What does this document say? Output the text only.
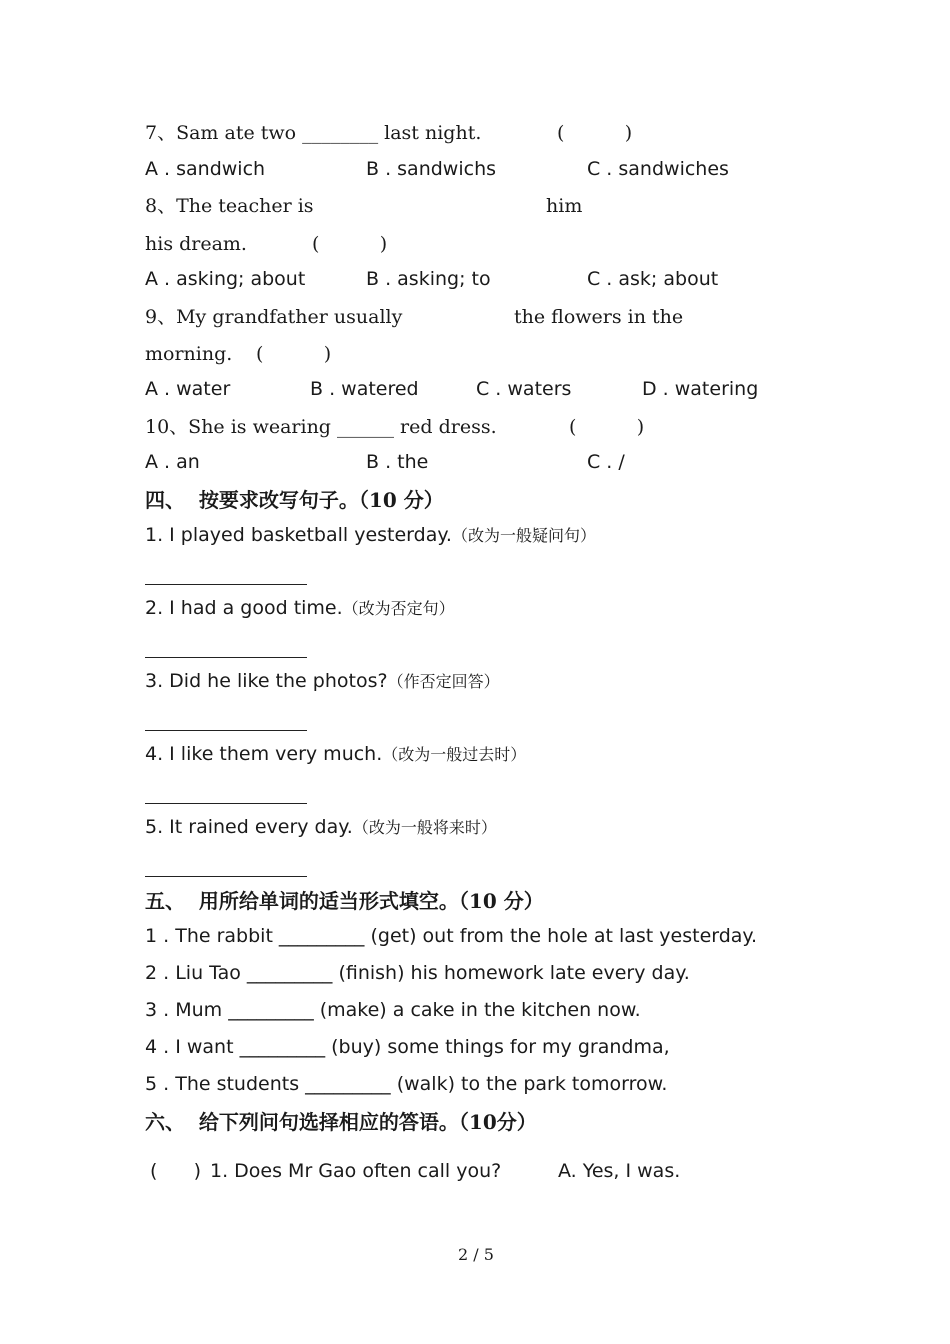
7、Sam ate two ________ last night.	(          )
A . sandwich	B . sandwichs	C . sandwiches
8、The teacher is	him
his dream.	(          )
A . asking; about	B . asking; to	C . ask; about
9、My grandfather usually	the flowers in the
morning. (          )
A . water	B . watered	C . waters	D . watering
10、She is wearing ______ red dress.	(          )
A . an	B . the	C . /
四、  按要求改写句子。（10 分）
1. I played basketball yesterday.（改为一般疑问句）
2. I had a good time.（改为否定句）
3. Did he like the photos?（作否定回答）
4. I like them very much.（改为一般过去时）
5. It rained every day.（改为一般将来时）
五、  用所给单词的适当形式填空。（10 分）
1 . The rabbit _________ (get) out from the hole at last yesterday.
2 . Liu Tao _________ (finish) his homework late every day.
3 . Mum _________ (make) a cake in the kitchen now.
4 . I want _________ (buy) some things for my grandma,
5 . The students _________ (walk) to the park tomorrow.
六、  给下列问句选择相应的答语。（10分）
(      ) 1. Does Mr Gao often call you?	A. Yes, I was.
2 / 5
